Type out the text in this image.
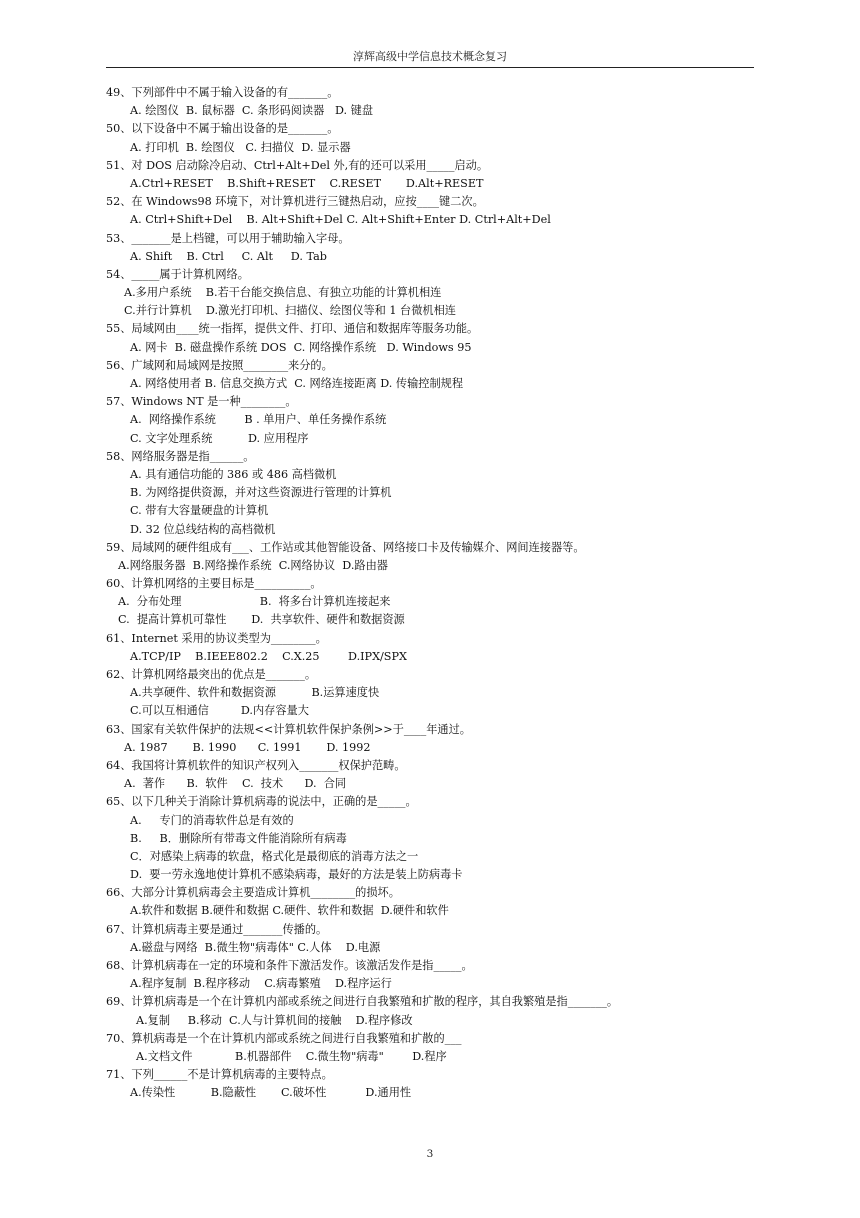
淳辉高级中学信息技术概念复习
49、下列部件中不属于输入设备的有_______。
A. 绘图仪  B. 鼠标器  C. 条形码阅读器   D. 键盘
50、以下设备中不属于输出设备的是_______。
A. 打印机  B. 绘图仪   C. 扫描仪  D. 显示器
51、对 DOS 启动除冷启动、Ctrl+Alt+Del 外,有的还可以采用_____启动。
A.Ctrl+RESET    B.Shift+RESET    C.RESET       D.Alt+RESET
52、在 Windows98 环境下，对计算机进行三键热启动，应按____键二次。
A. Ctrl+Shift+Del    B. Alt+Shift+Del C. Alt+Shift+Enter D. Ctrl+Alt+Del
53、_______是上档键，可以用于辅助输入字母。
A. Shift    B. Ctrl     C. Alt     D. Tab
54、_____属于计算机网络。
A.多用户系统    B.若干台能交换信息、有独立功能的计算机相连
C.并行计算机    D.激光打印机、扫描仪、绘图仪等和 1 台微机相连
55、局域网由____统一指挥，提供文件、打印、通信和数据库等服务功能。
A. 网卡  B. 磁盘操作系统 DOS  C. 网络操作系统   D. Windows 95
56、广域网和局域网是按照________来分的。
A. 网络使用者 B. 信息交换方式  C. 网络连接距离 D. 传输控制规程
57、Windows NT 是一种________。
A.  网络操作系统        B . 单用户、单任务操作系统
C. 文字处理系统          D. 应用程序
58、网络服务器是指______。
A. 具有通信功能的 386 或 486 高档微机
B. 为网络提供资源，并对这些资源进行管理的计算机
C. 带有大容量硬盘的计算机
D. 32 位总线结构的高档微机
59、局域网的硬件组成有___、工作站或其他智能设备、网络接口卡及传输媒介、网间连接器等。
A.网络服务器  B.网络操作系统  C.网络协议  D.路由器
60、计算机网络的主要目标是__________。
A.  分布处理                      B.  将多台计算机连接起来
C.  提高计算机可靠性       D.  共享软件、硬件和数据资源
61、Internet 采用的协议类型为________。
A.TCP/IP    B.IEEE802.2    C.X.25        D.IPX/SPX
62、计算机网络最突出的优点是_______。
A.共享硬件、软件和数据资源          B.运算速度快
C.可以互相通信         D.内存容量大
63、国家有关软件保护的法规<<计算机软件保护条例>>于____年通过。
A. 1987       B. 1990      C. 1991       D. 1992
64、我国将计算机软件的知识产权列入_______权保护范畴。
A.  著作      B.  软件    C.  技术      D.  合同
65、以下几种关于消除计算机病毒的说法中，正确的是_____。
A.     专门的消毒软件总是有效的
B.     B．删除所有带毒文件能消除所有病毒
C．对感染上病毒的软盘，格式化是最彻底的消毒方法之一
D.  要一劳永逸地使计算机不感染病毒，最好的方法是装上防病毒卡
66、大部分计算机病毒会主要造成计算机________的损坏。
A.软件和数据 B.硬件和数据 C.硬件、软件和数据  D.硬件和软件
67、计算机病毒主要是通过_______传播的。
A.磁盘与网络  B.微生物"病毒体" C.人体    D.电源
68、计算机病毒在一定的环境和条件下激活发作。该激活发作是指_____。
A.程序复制  B.程序移动    C.病毒繁殖    D.程序运行
69、计算机病毒是一个在计算机内部或系统之间进行自我繁殖和扩散的程序，其自我繁殖是指_______。
A.复制     B.移动  C.人与计算机间的接触    D.程序修改
70、算机病毒是一个在计算机内部或系统之间进行自我繁殖和扩散的___
A.文档文件            B.机器部件    C.微生物"病毒"        D.程序
71、下列______不是计算机病毒的主要特点。
A.传染性          B.隐蔽性       C.破坏性           D.通用性
3
